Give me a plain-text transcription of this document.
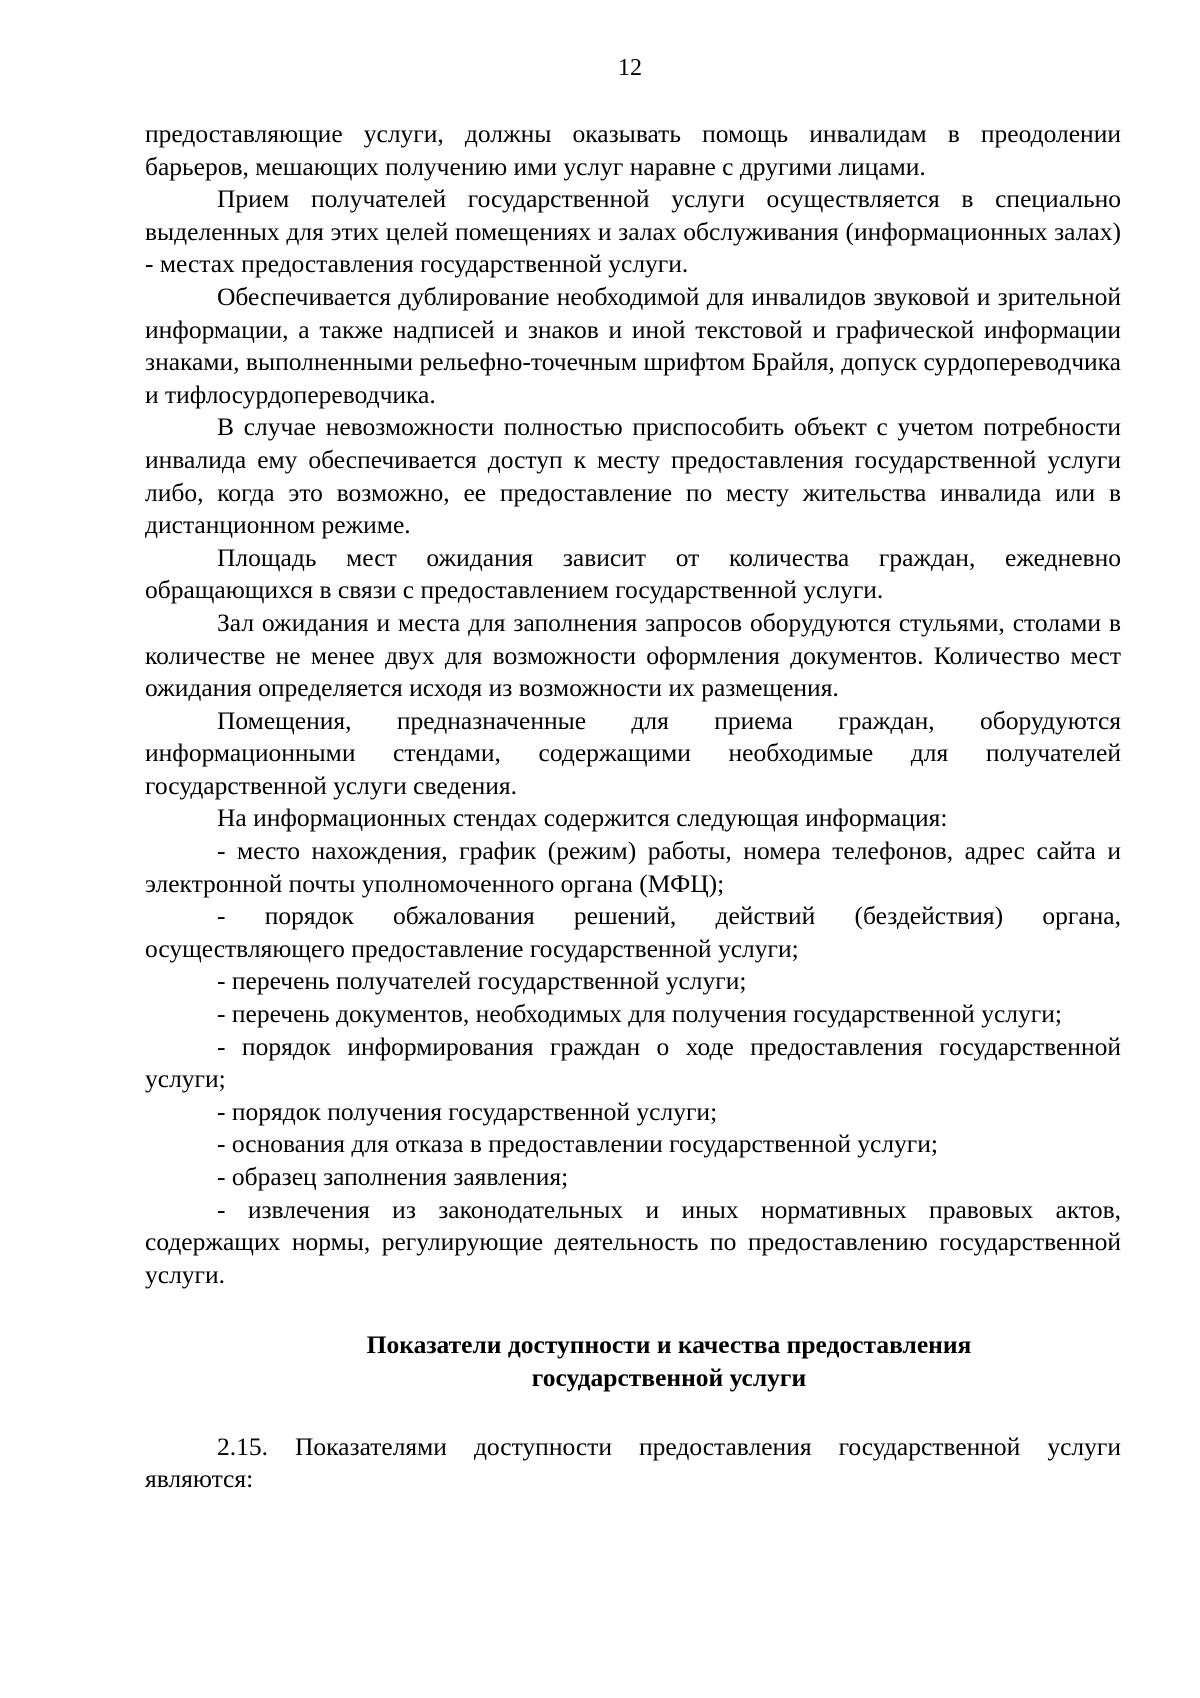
12

предоставляющие услуги, должны оказывать помощь инвалидам в преодолении барьеров, мешающих получению ими услуг наравне с другими лицами.

Прием получателей государственной услуги осуществляется в специально выделенных для этих целей помещениях и залах обслуживания (информационных залах) - местах предоставления государственной услуги.

Обеспечивается дублирование необходимой для инвалидов звуковой и зрительной информации, а также надписей и знаков и иной текстовой и графической информации знаками, выполненными рельефно-точечным шрифтом Брайля, допуск сурдопереводчика и тифлосурдопереводчика.

В случае невозможности полностью приспособить объект с учетом потребности инвалида ему обеспечивается доступ к месту предоставления государственной услуги либо, когда это возможно, ее предоставление по месту жительства инвалида или в дистанционном режиме.

Площадь мест ожидания зависит от количества граждан, ежедневно обращающихся в связи с предоставлением государственной услуги.

Зал ожидания и места для заполнения запросов оборудуются стульями, столами в количестве не менее двух для возможности оформления документов. Количество мест ожидания определяется исходя из возможности их размещения.

Помещения, предназначенные для приема граждан, оборудуются информационными стендами, содержащими необходимые для получателей государственной услуги сведения.

На информационных стендах содержится следующая информация:

- место нахождения, график (режим) работы, номера телефонов, адрес сайта и электронной почты уполномоченного органа (МФЦ);

- порядок обжалования решений, действий (бездействия) органа, осуществляющего предоставление государственной услуги;

- перечень получателей государственной услуги;

- перечень документов, необходимых для получения государственной услуги;

- порядок информирования граждан о ходе предоставления государственной услуги;

- порядок получения государственной услуги;

- основания для отказа в предоставлении государственной услуги;

- образец заполнения заявления;

- извлечения из законодательных и иных нормативных правовых актов, содержащих нормы, регулирующие деятельность по предоставлению государственной услуги.

Показатели доступности и качества предоставления
государственной услуги

2.15. Показателями доступности предоставления государственной услуги являются:
